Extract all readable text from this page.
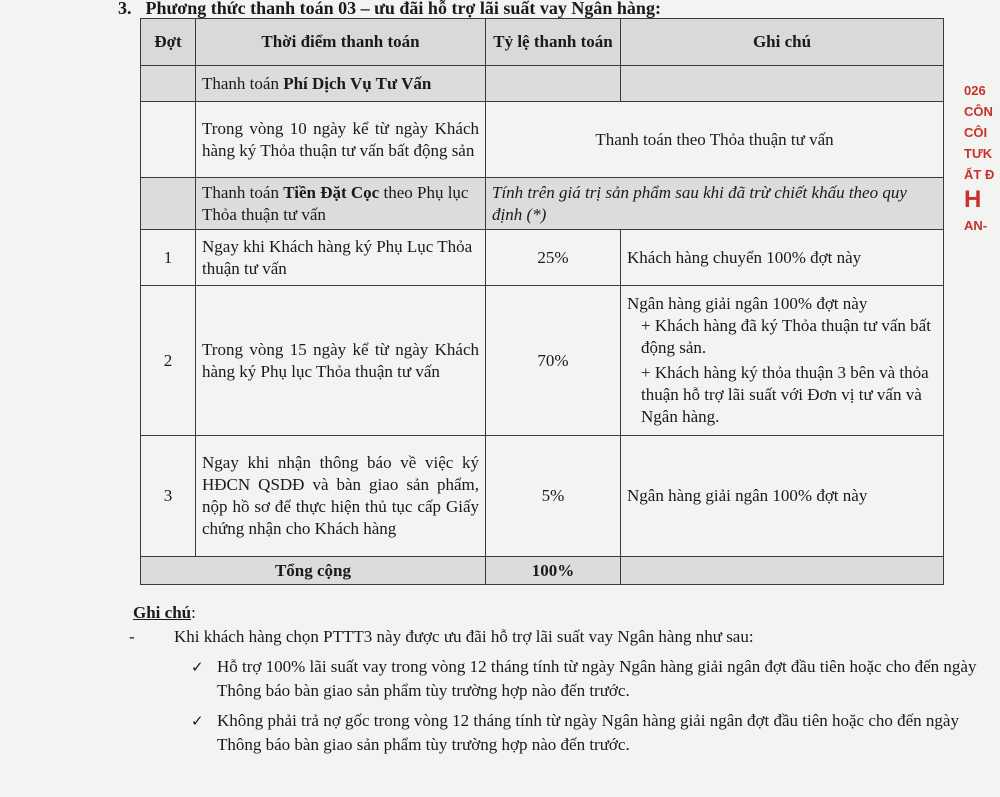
3. Phương thức thanh toán 03 – ưu đãi hỗ trợ lãi suất vay Ngân hàng:
Đợt	Thời điểm thanh toán	Tỷ lệ thanh toán	Ghi chú
	Thanh toán Phí Dịch Vụ Tư Vấn		
	Trong vòng 10 ngày kể từ ngày Khách hàng ký Thỏa thuận tư vấn bất động sản	Thanh toán theo Thỏa thuận tư vấn	
	Thanh toán Tiền Đặt Cọc theo Phụ lục Thỏa thuận tư vấn	Tính trên giá trị sản phẩm sau khi đã trừ chiết khấu theo quy định (*)	
1	Ngay khi Khách hàng ký Phụ Lục Thỏa thuận tư vấn	25%	Khách hàng chuyển 100% đợt này
2	Trong vòng 15 ngày kể từ ngày Khách hàng ký Phụ lục Thỏa thuận tư vấn	70%	Ngân hàng giải ngân 100% đợt này
+ Khách hàng đã ký Thỏa thuận tư vấn bất động sản.
+ Khách hàng ký thỏa thuận 3 bên và thỏa thuận hỗ trợ lãi suất với Đơn vị tư vấn và Ngân hàng.

3	Ngay khi nhận thông báo về việc ký HĐCN QSDĐ và bàn giao sản phẩm, nộp hồ sơ để thực hiện thủ tục cấp Giấy chứng nhận cho Khách hàng	5%	Ngân hàng giải ngân 100% đợt này
Tổng cộng		100%	
Ghi chú:
- Khi khách hàng chọn PTTT3 này được ưu đãi hỗ trợ lãi suất vay Ngân hàng như sau:
✓ Hỗ trợ 100% lãi suất vay trong vòng 12 tháng tính từ ngày Ngân hàng giải ngân đợt đầu tiên hoặc cho đến ngày Thông báo bàn giao sản phẩm tùy trường hợp nào đến trước.
✓ Không phải trả nợ gốc trong vòng 12 tháng tính từ ngày Ngân hàng giải ngân đợt đầu tiên hoặc cho đến ngày Thông báo bàn giao sản phẩm tùy trường hợp nào đến trước.
026
CÔN
CÔI
TƯK
ẤT Đ
H
AN-
